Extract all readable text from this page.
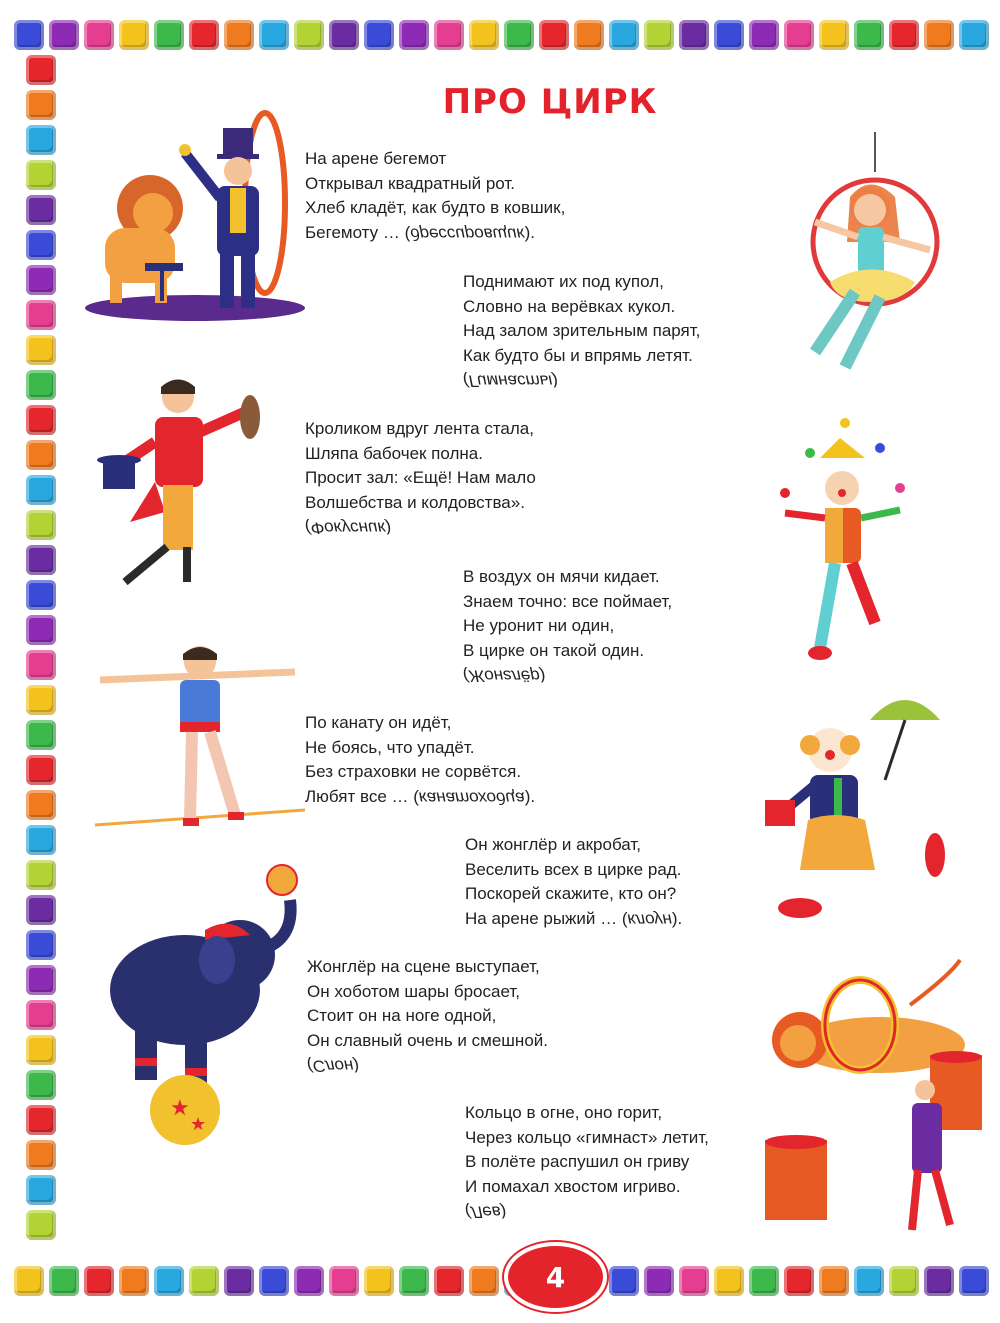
ПРО ЦИРК
На арене бегемот
Открывал квадратный рот.
Хлеб кладёт, как будто в ковшик,
Бегемоту … (дрессировщик).
Поднимают их под купол,
Словно на верёвках кукол.
Над залом зрительным парят,
Как будто бы и впрямь летят.
(Гимнасты)
Кроликом вдруг лента стала,
Шляпа бабочек полна.
Просит зал: «Ещё! Нам мало
Волшебства и колдовства».
(Фокусник)
В воздух он мячи кидает.
Знаем точно: все поймает,
Не уронит ни один,
В цирке он такой один.
(Жонглёр)
По канату он идёт,
Не боясь, что упадёт.
Без страховки не сорвётся.
Любят все … (канатоходца).
Он жонглёр и акробат,
Веселить всех в цирке рад.
Поскорей скажите, кто он?
На арене рыжий … (клоун).
Жонглёр на сцене выступает,
Он хоботом шары бросает,
Стоит он на ноге одной,
Он славный очень и смешной.
(Слон)
Кольцо в огне, оно горит,
Через кольцо «гимнаст» летит,
В полёте распушил он гриву
И помахал хвостом игриво.
(Лев)
★
★
4
